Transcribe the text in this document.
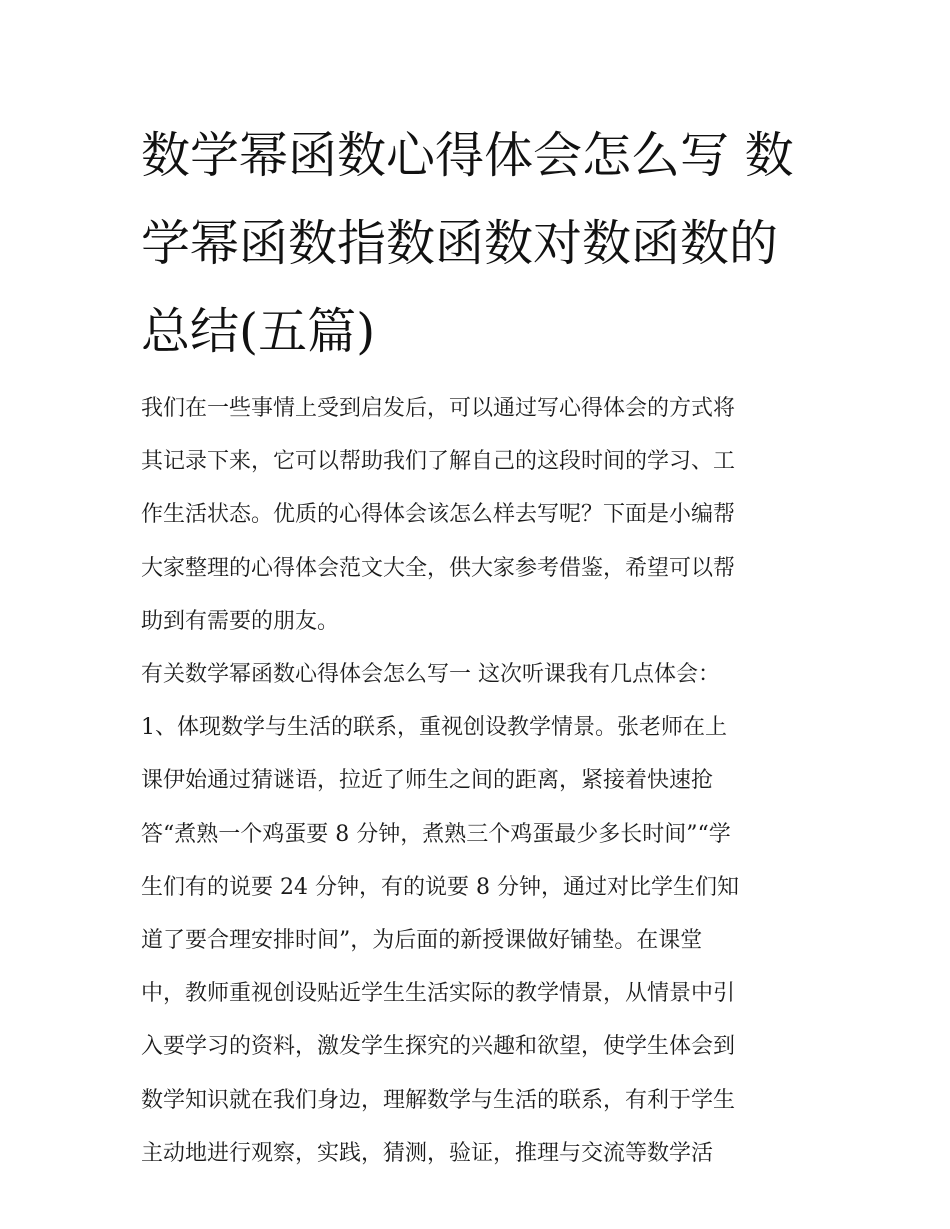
数学幂函数心得体会怎么写 数
学幂函数指数函数对数函数的
总结(五篇)
我们在一些事情上受到启发后，可以通过写心得体会的方式将
其记录下来，它可以帮助我们了解自己的这段时间的学习、工
作生活状态。优质的心得体会该怎么样去写呢？下面是小编帮
大家整理的心得体会范文大全，供大家参考借鉴，希望可以帮
助到有需要的朋友。
有关数学幂函数心得体会怎么写一 这次听课我有几点体会：
1、体现数学与生活的联系，重视创设教学情景。张老师在上
课伊始通过猜谜语，拉近了师生之间的距离，紧接着快速抢
答“煮熟一个鸡蛋要 8 分钟，煮熟三个鸡蛋最少多长时间”“学
生们有的说要 24 分钟，有的说要 8 分钟，通过对比学生们知
道了要合理安排时间”，为后面的新授课做好铺垫。在课堂
中，教师重视创设贴近学生生活实际的教学情景，从情景中引
入要学习的资料，激发学生探究的兴趣和欲望，使学生体会到
数学知识就在我们身边，理解数学与生活的联系，有利于学生
主动地进行观察，实践，猜测，验证，推理与交流等数学活
